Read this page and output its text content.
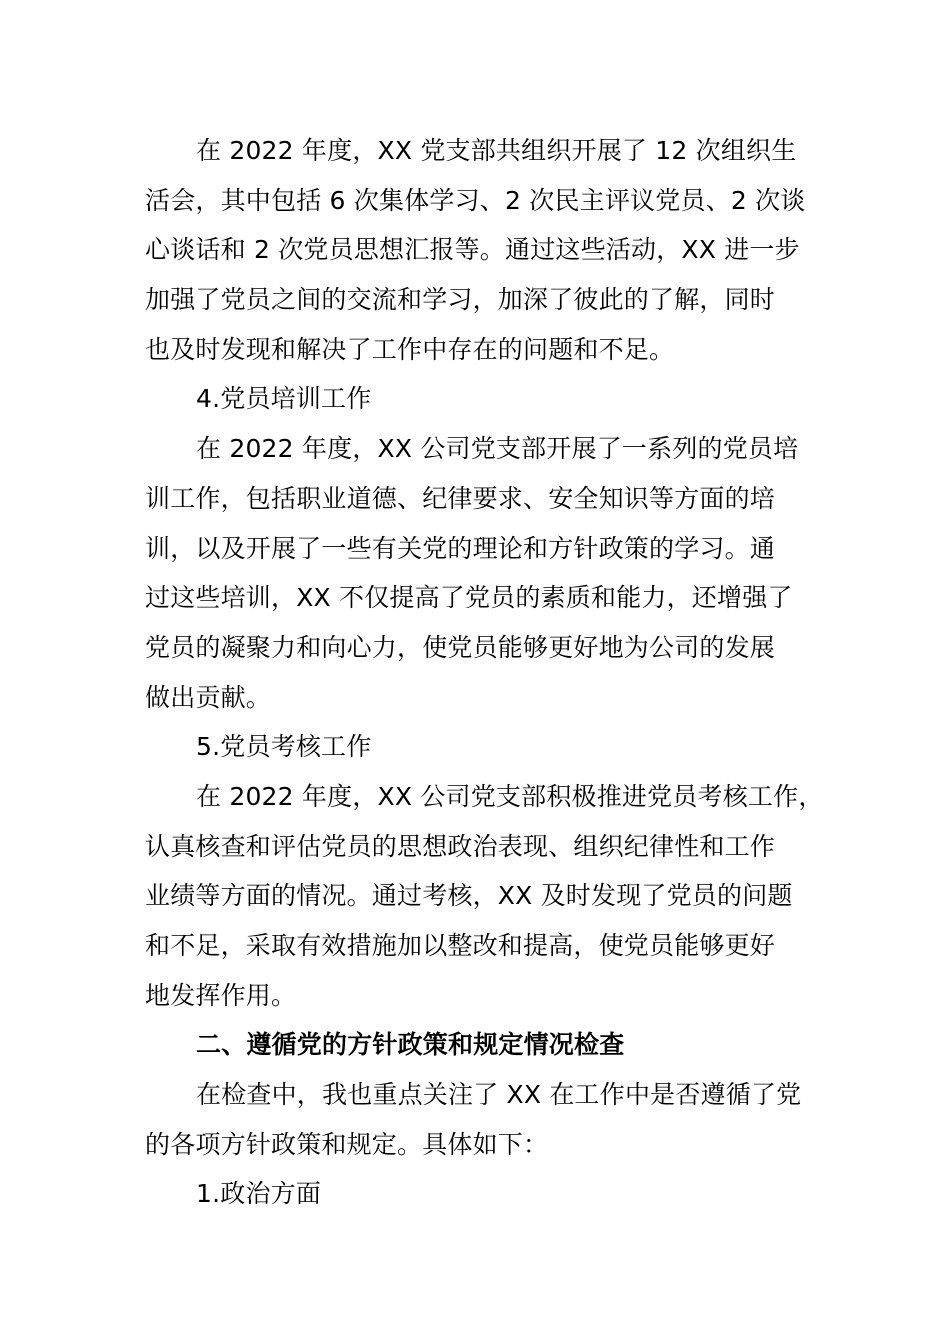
在 2022 年度，XX 党支部共组织开展了 12 次组织生
活会，其中包括 6 次集体学习、2 次民主评议党员、2 次谈
心谈话和 2 次党员思想汇报等。通过这些活动，XX 进一步
加强了党员之间的交流和学习，加深了彼此的了解，同时
也及时发现和解决了工作中存在的问题和不足。
4.党员培训工作
在 2022 年度，XX 公司党支部开展了一系列的党员培
训工作，包括职业道德、纪律要求、安全知识等方面的培
训，以及开展了一些有关党的理论和方针政策的学习。通
过这些培训，XX 不仅提高了党员的素质和能力，还增强了
党员的凝聚力和向心力，使党员能够更好地为公司的发展
做出贡献。
5.党员考核工作
在 2022 年度，XX 公司党支部积极推进党员考核工作，
认真核查和评估党员的思想政治表现、组织纪律性和工作
业绩等方面的情况。通过考核，XX 及时发现了党员的问题
和不足，采取有效措施加以整改和提高，使党员能够更好
地发挥作用。
二、遵循党的方针政策和规定情况检查
在检查中，我也重点关注了 XX 在工作中是否遵循了党
的各项方针政策和规定。具体如下：
1.政治方面
